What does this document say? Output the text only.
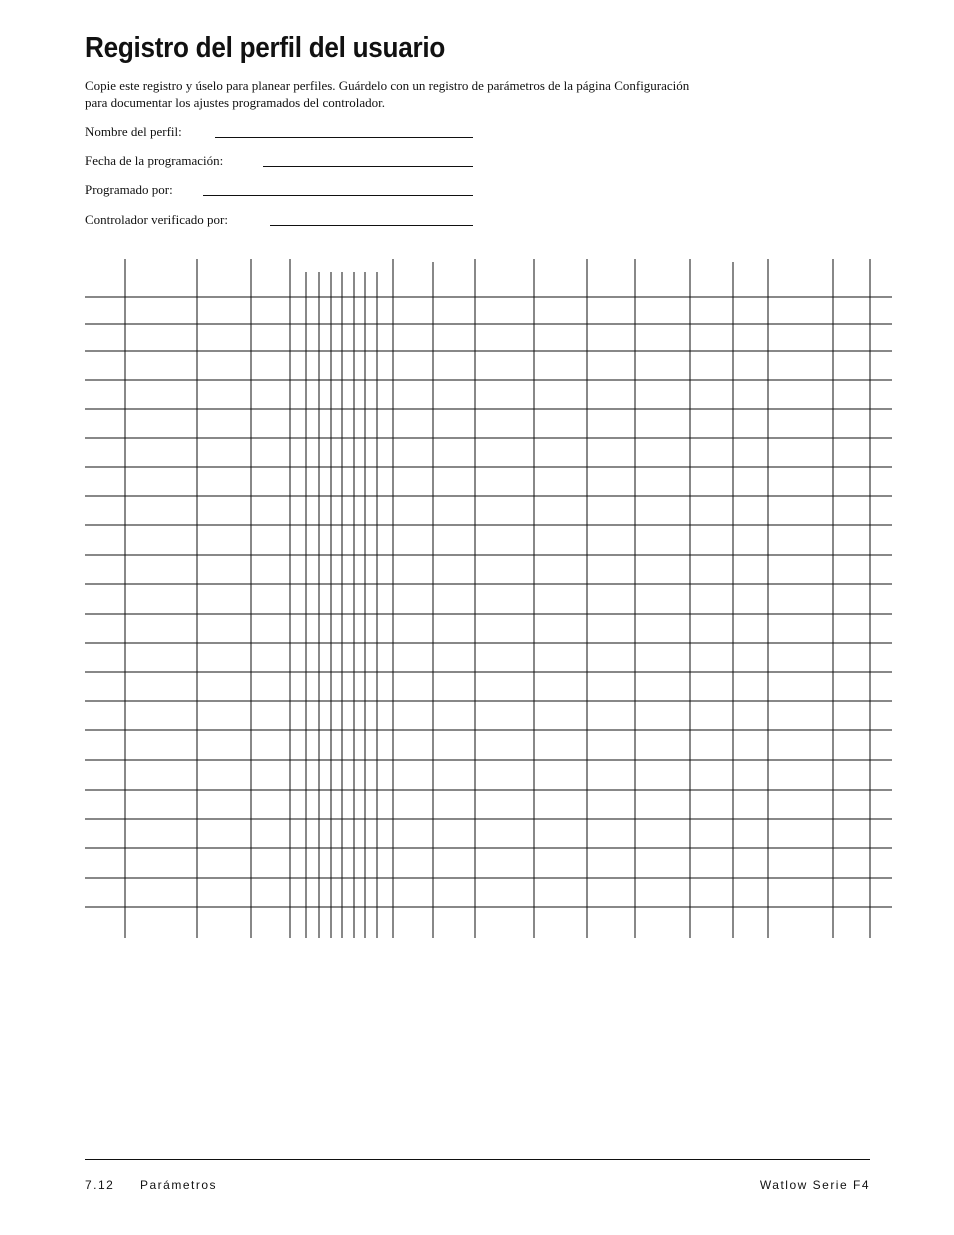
Registro del perfil del usuario
Copie este registro y úselo para planear perfiles. Guárdelo con un registro de parámetros de la página Configuración
para documentar los ajustes programados del controlador.
Nombre del perfil:
Fecha de la programación:
Programado por:
Controlador verificado por:
7.12 Parámetros	Watlow Serie F4
